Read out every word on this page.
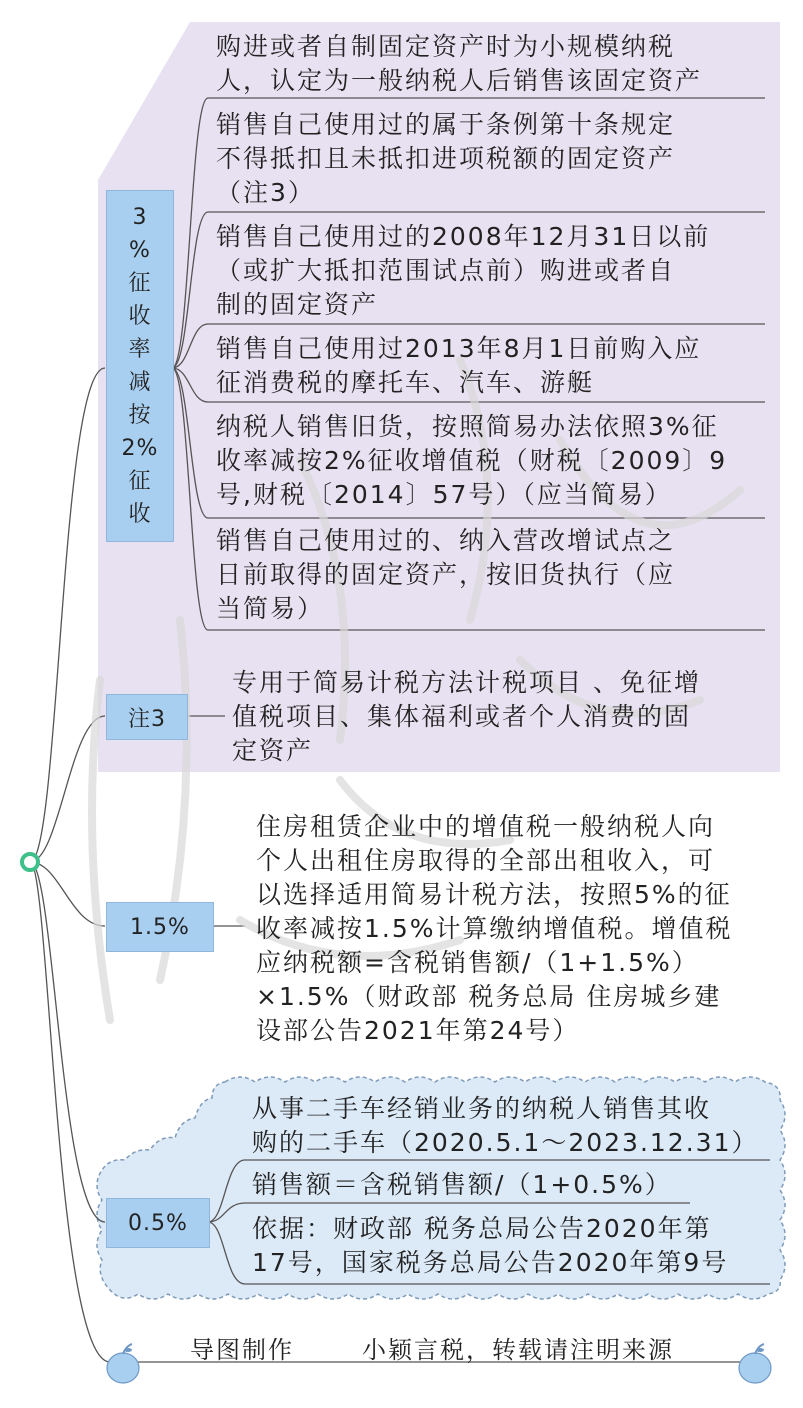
3
%
征
收
率
减
按
2%
征
收
购进或者自制固定资产时为小规模纳税
人，认定为一般纳税人后销售该固定资产
销售自己使用过的属于条例第十条规定
不得抵扣且未抵扣进项税额的固定资产
（注3）
销售自己使用过的2008年12月31日以前
（或扩大抵扣范围试点前）购进或者自
制的固定资产
销售自己使用过2013年8月1日前购入应
征消费税的摩托车、汽车、游艇
纳税人销售旧货，按照简易办法依照3%征
收率减按2%征收增值税（财税〔2009〕9
号,财税〔2014〕57号）（应当简易）
销售自己使用过的、纳入营改增试点之
日前取得的固定资产，按旧货执行（应
当简易）
注3
专用于简易计税方法计税项目 、免征增
值税项目、集体福利或者个人消费的固
定资产
1.5%
住房租赁企业中的增值税一般纳税人向
个人出租住房取得的全部出租收入，可
以选择适用简易计税方法，按照5%的征
收率减按1.5%计算缴纳增值税。增值税
应纳税额=含税销售额/（1+1.5%）
×1.5%（财政部 税务总局 住房城乡建
设部公告2021年第24号）
0.5%
从事二手车经销业务的纳税人销售其收
购的二手车（2020.5.1～2023.12.31）
销售额＝含税销售额/（1+0.5%）
依据：财政部 税务总局公告2020年第
17号，国家税务总局公告2020年第9号
导图制作	小颖言税，转载请注明来源
